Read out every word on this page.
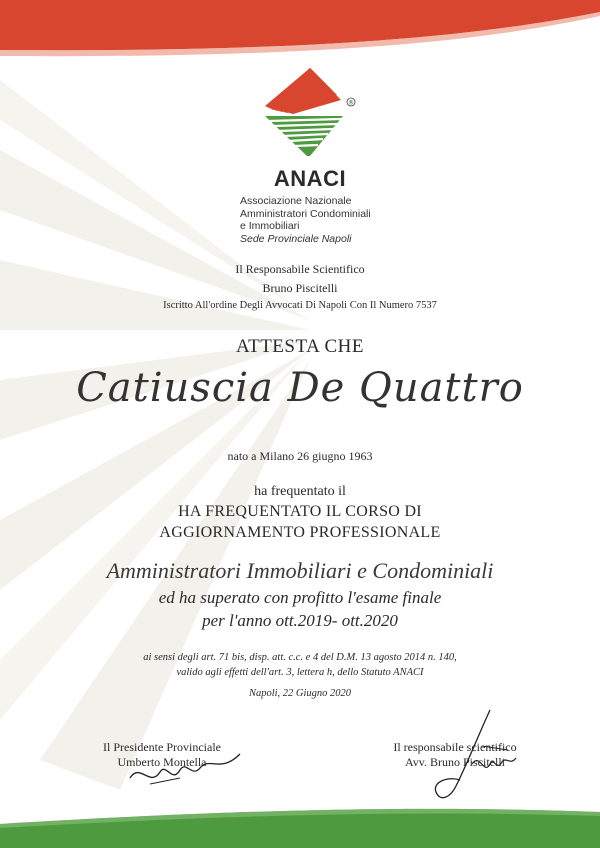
®
ANACI
Associazione Nazionale
Amministratori Condominiali
e Immobiliari
Sede Provinciale Napoli
Il Responsabile Scientifico
Bruno Piscitelli
Iscritto All'ordine Degli Avvocati Di Napoli Con Il Numero 7537
ATTESTA CHE
Catiuscia De Quattro
nato a Milano 26 giugno 1963
ha frequentato il
HA FREQUENTATO IL CORSO DI
AGGIORNAMENTO PROFESSIONALE
Amministratori Immobiliari e Condominiali
ed ha superato con profitto l'esame finale
per l'anno ott.2019- ott.2020
ai sensi degli art. 71 bis, disp. att. c.c. e 4 del D.M. 13 agosto 2014 n. 140,
valido agli effetti dell'art. 3, lettera h, dello Statuto ANACI
Napoli, 22 Giugno 2020
Il Presidente Provinciale
Umberto Montella
Il responsabile scientifico
Avv. Bruno Piscitelli
